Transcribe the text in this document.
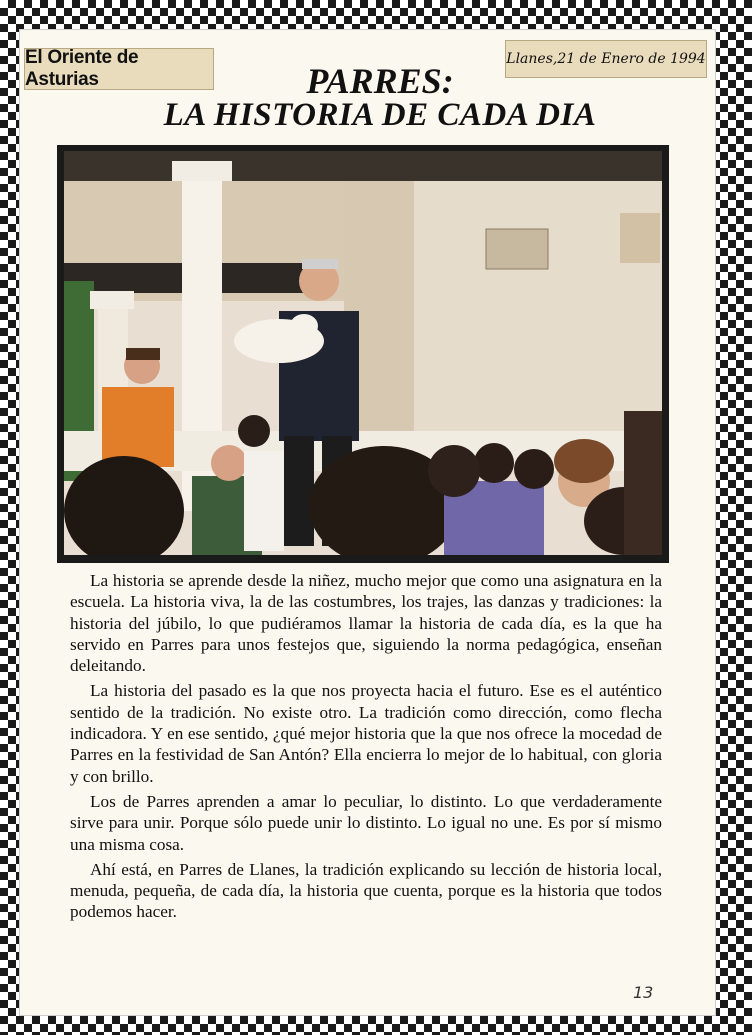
El Oriente de Asturias
Llanes,21 de Enero de 1994
PARRES:
LA HISTORIA DE CADA DIA

La historia se aprende desde la niñez, mucho mejor que como una asignatura en la escuela. La historia viva, la de las costumbres, los trajes, las danzas y tradiciones: la historia del júbilo, lo que pudiéramos llamar la historia de cada día, es la que ha servido en Parres para unos festejos que, siguiendo la norma pedagógica, enseñan deleitando.

La historia del pasado es la que nos proyecta hacia el futuro. Ese es el auténtico sentido de la tradición. No existe otro. La tradición como dirección, como flecha indicadora. Y en ese sentido, ¿qué mejor historia que la que nos ofrece la mocedad de Parres en la festividad de San Antón? Ella encierra lo mejor de lo habitual, con gloria y con brillo.

Los de Parres aprenden a amar lo peculiar, lo distinto. Lo que verdaderamente sirve para unir. Porque sólo puede unir lo distinto. Lo igual no une. Es por sí mismo una misma cosa.

Ahí está, en Parres de Llanes, la tradición explicando su lección de historia local, menuda, pequeña, de cada día, la historia que cuenta, porque es la historia que todos podemos hacer.

13
